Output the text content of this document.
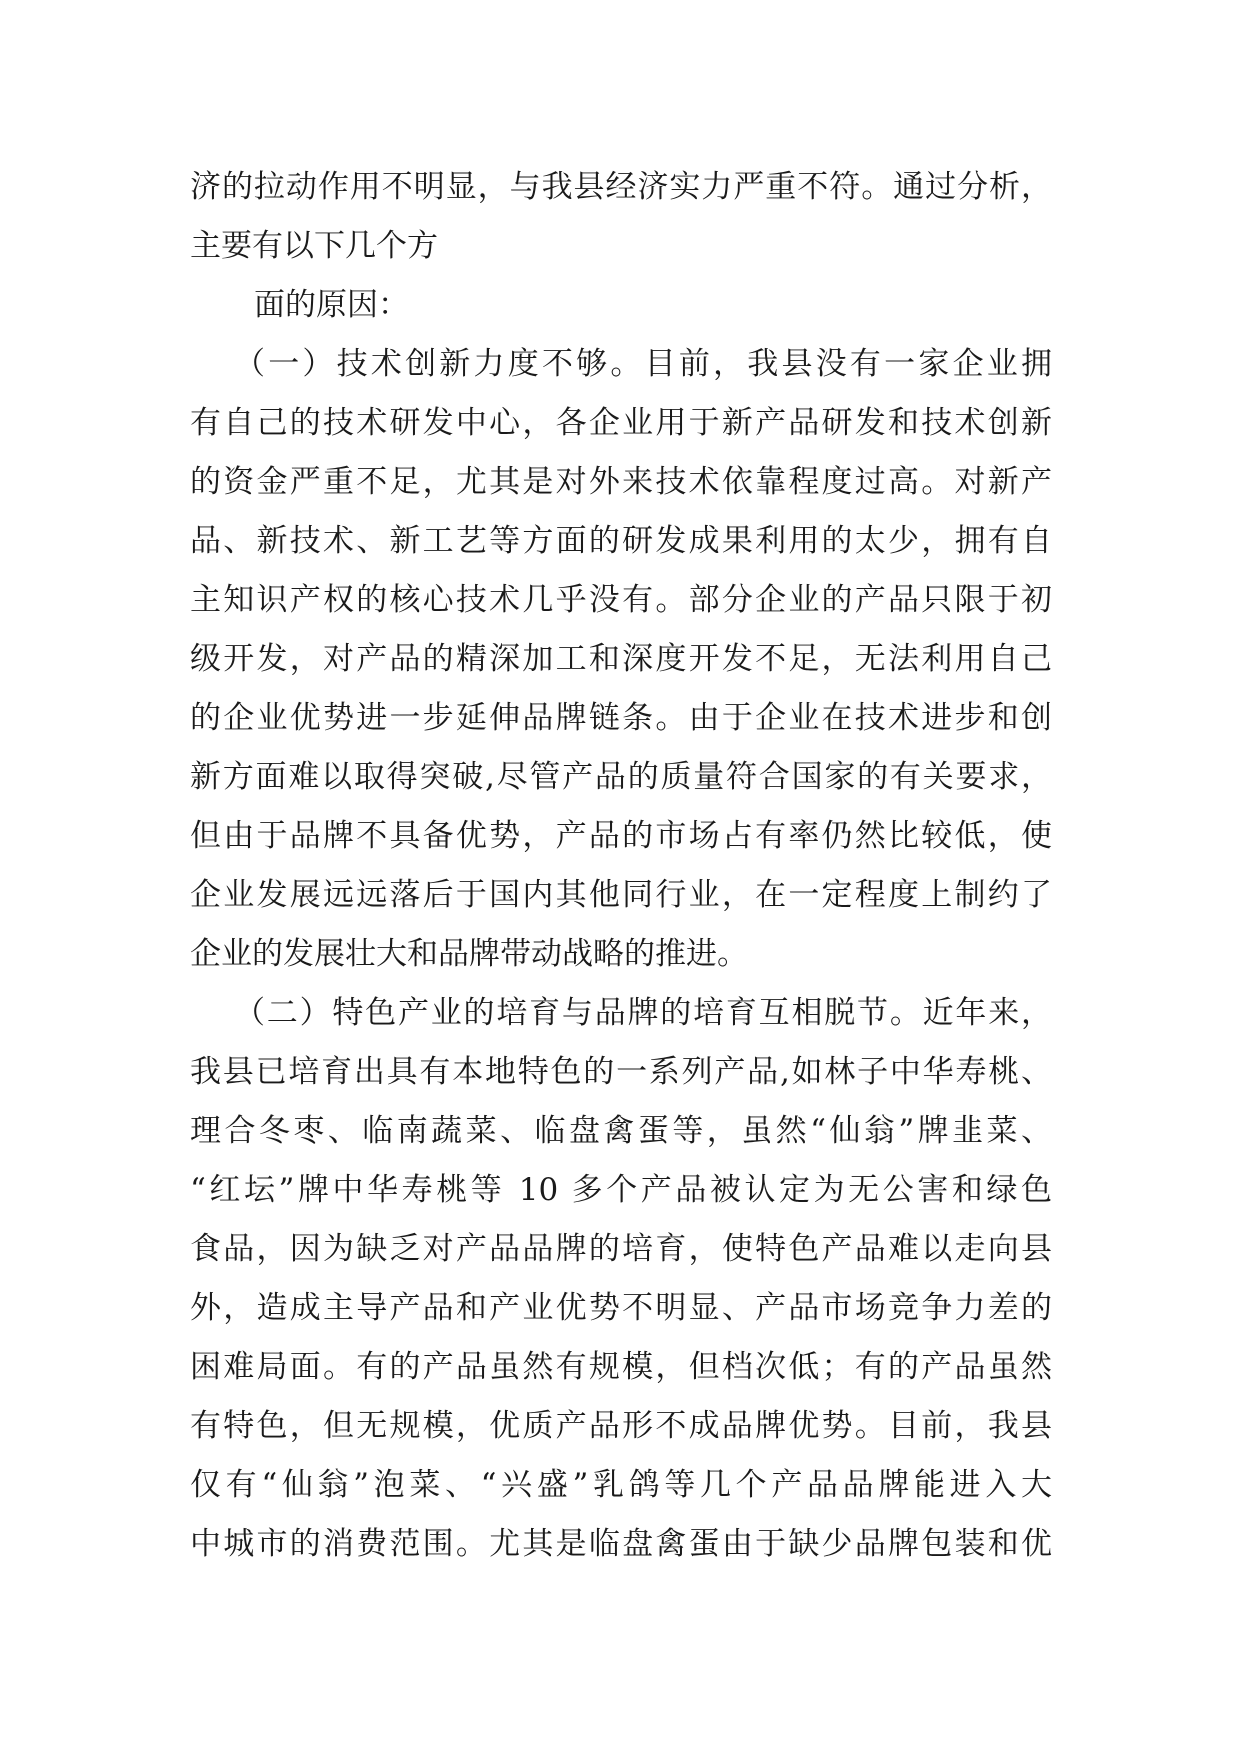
济的拉动作用不明显，与我县经济实力严重不符。通过分析，
主要有以下几个方
面的原因：
（一）技术创新力度不够。目前，我县没有一家企业拥
有自己的技术研发中心，各企业用于新产品研发和技术创新
的资金严重不足，尤其是对外来技术依靠程度过高。对新产
品、新技术、新工艺等方面的研发成果利用的太少，拥有自
主知识产权的核心技术几乎没有。部分企业的产品只限于初
级开发，对产品的精深加工和深度开发不足，无法利用自己
的企业优势进一步延伸品牌链条。由于企业在技术进步和创
新方面难以取得突破,尽管产品的质量符合国家的有关要求，
但由于品牌不具备优势，产品的市场占有率仍然比较低，使
企业发展远远落后于国内其他同行业，在一定程度上制约了
企业的发展壮大和品牌带动战略的推进。
（二）特色产业的培育与品牌的培育互相脱节。近年来，
我县已培育出具有本地特色的一系列产品,如林子中华寿桃、
理合冬枣、临南蔬菜、临盘禽蛋等，虽然“仙翁”牌韭菜、
“红坛”牌中华寿桃等 10 多个产品被认定为无公害和绿色
食品，因为缺乏对产品品牌的培育，使特色产品难以走向县
外，造成主导产品和产业优势不明显、产品市场竞争力差的
困难局面。有的产品虽然有规模，但档次低；有的产品虽然
有特色，但无规模，优质产品形不成品牌优势。目前，我县
仅有“仙翁”泡菜、“兴盛”乳鸽等几个产品品牌能进入大
中城市的消费范围。尤其是临盘禽蛋由于缺少品牌包装和优
